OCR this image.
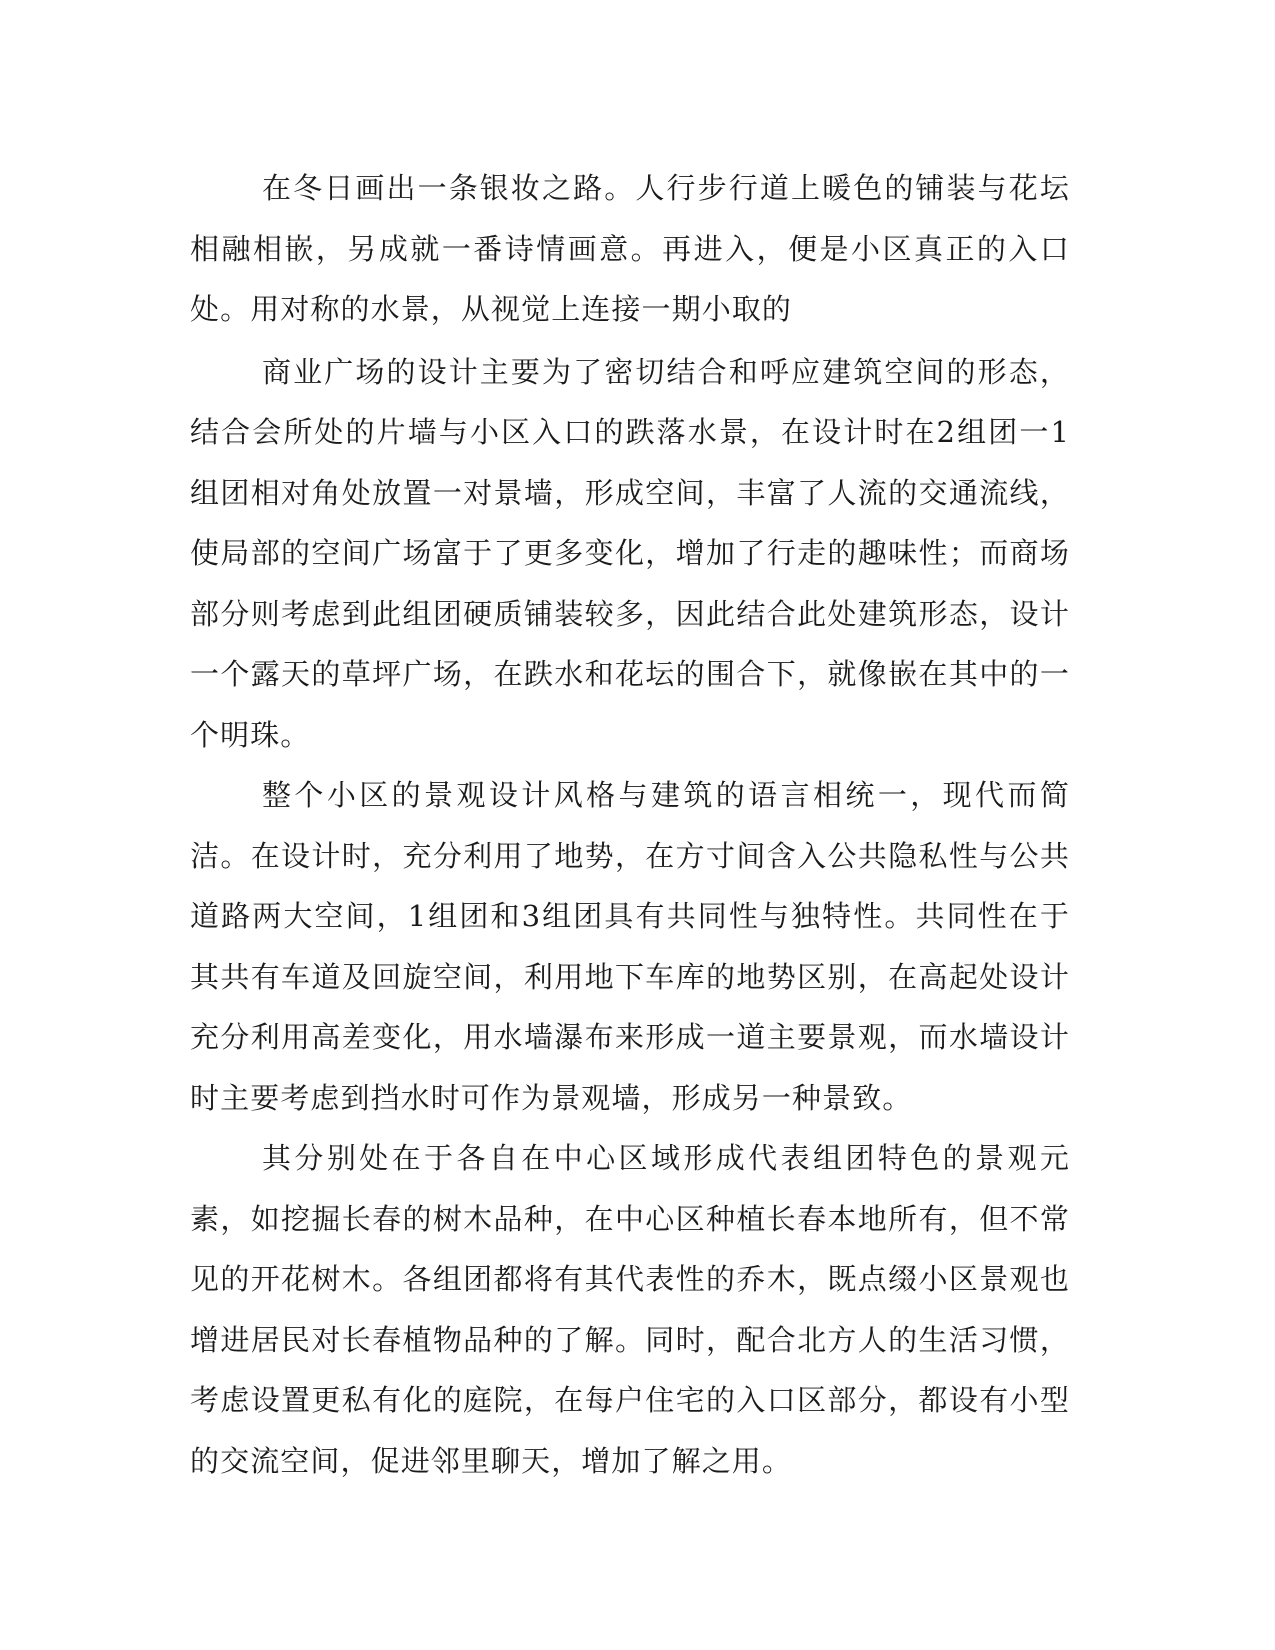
在冬日画出一条银妆之路。人行步行道上暖色的铺装与花坛相融相嵌，另成就一番诗情画意。再进入，便是小区真正的入口处。用对称的水景，从视觉上连接一期小取的

商业广场的设计主要为了密切结合和呼应建筑空间的形态，结合会所处的片墙与小区入口的跌落水景，在设计时在2组团一1组团相对角处放置一对景墙，形成空间，丰富了人流的交通流线，使局部的空间广场富于了更多变化，增加了行走的趣味性；而商场部分则考虑到此组团硬质铺装较多，因此结合此处建筑形态，设计一个露天的草坪广场，在跌水和花坛的围合下，就像嵌在其中的一个明珠。

整个小区的景观设计风格与建筑的语言相统一，现代而简洁。在设计时，充分利用了地势，在方寸间含入公共隐私性与公共道路两大空间，1组团和3组团具有共同性与独特性。共同性在于其共有车道及回旋空间，利用地下车库的地势区别，在高起处设计充分利用高差变化，用水墙瀑布来形成一道主要景观，而水墙设计时主要考虑到挡水时可作为景观墙，形成另一种景致。

其分别处在于各自在中心区域形成代表组团特色的景观元素，如挖掘长春的树木品种，在中心区种植长春本地所有，但不常见的开花树木。各组团都将有其代表性的乔木，既点缀小区景观也增进居民对长春植物品种的了解。同时，配合北方人的生活习惯，考虑设置更私有化的庭院，在每户住宅的入口区部分，都设有小型的交流空间，促进邻里聊天，增加了解之用。
